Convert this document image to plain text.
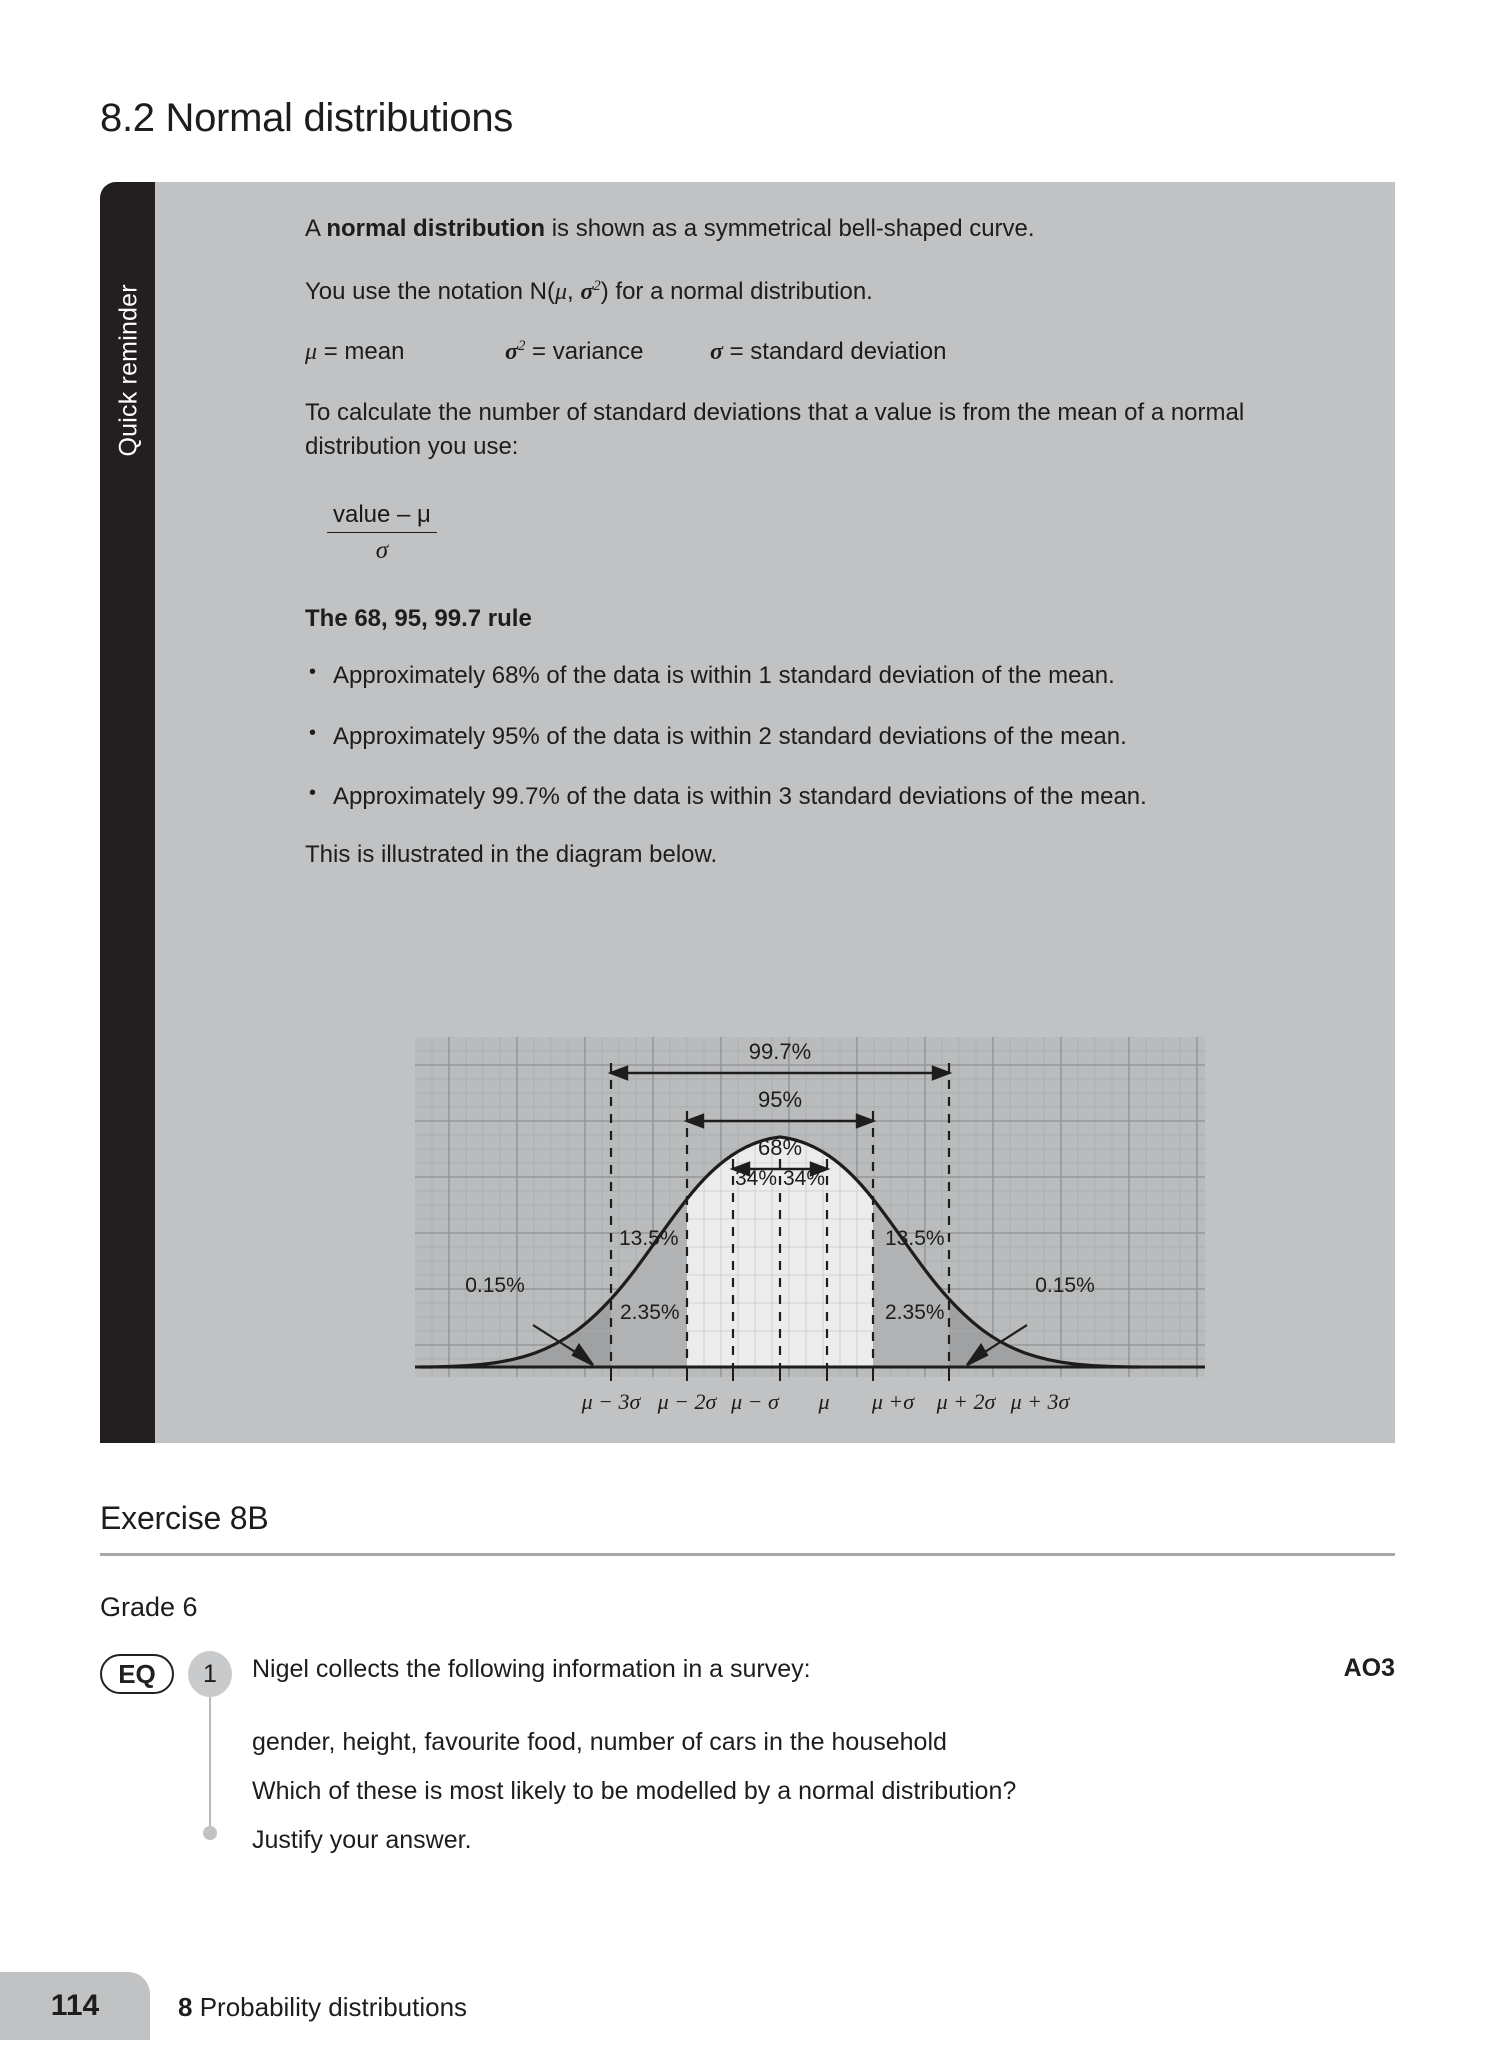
8.2 Normal distributions
Quick reminder

A normal distribution is shown as a symmetrical bell-shaped curve.

You use the notation N(μ, $\sigma^2$) for a normal distribution.

μ = mean	$\sigma^2$ = variance	σ = standard deviation

To calculate the number of standard deviations that a value is from the mean of a normal distribution you use:

$\frac{\text{value – μ}}{\sigma}$
The 68, 95, 99.7 rule
• Approximately 68% of the data is within 1 standard deviation of the mean.
• Approximately 95% of the data is within 2 standard deviations of the mean.
• Approximately 99.7% of the data is within 3 standard deviations of the mean.

This is illustrated in the diagram below.

99.7%
95%
68%
0.15%
2.35%
13.5%
34% 34%
13.5%
2.35%
0.15%
μ − 3σ μ − 2σ μ − σ μ μ +σ μ + 2σ μ + 3σ
Exercise 8B
Grade 6
EQ	1	AO3

Nigel collects the following information in a survey:

gender, height, favourite food, number of cars in the household

Which of these is most likely to be modelled by a normal distribution?

Justify your answer.

114	8 Probability distributions
